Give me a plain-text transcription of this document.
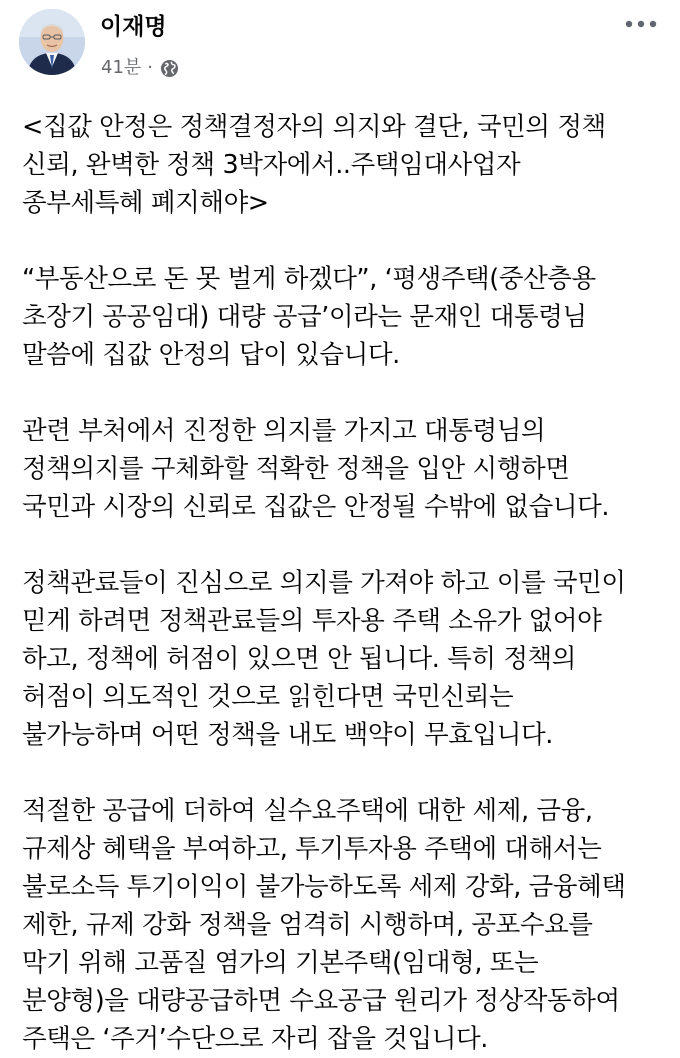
이재명
41분 ·

<집값 안정은 정책결정자의 의지와 결단, 국민의 정책
신뢰, 완벽한 정책 3박자에서..주택임대사업자
종부세특혜 폐지해야>

“부동산으로 돈 못 벌게 하겠다”, ‘평생주택(중산층용
초장기 공공임대) 대량 공급’이라는 문재인 대통령님
말씀에 집값 안정의 답이 있습니다.

관련 부처에서 진정한 의지를 가지고 대통령님의
정책의지를 구체화할 적확한 정책을 입안 시행하면
국민과 시장의 신뢰로 집값은 안정될 수밖에 없습니다.

정책관료들이 진심으로 의지를 가져야 하고 이를 국민이
믿게 하려면 정책관료들의 투자용 주택 소유가 없어야
하고, 정책에 허점이 있으면 안 됩니다. 특히 정책의
허점이 의도적인 것으로 읽힌다면 국민신뢰는
불가능하며 어떤 정책을 내도 백약이 무효입니다.

적절한 공급에 더하여 실수요주택에 대한 세제, 금융,
규제상 혜택을 부여하고, 투기투자용 주택에 대해서는
불로소득 투기이익이 불가능하도록 세제 강화, 금융혜택
제한, 규제 강화 정책을 엄격히 시행하며, 공포수요를
막기 위해 고품질 염가의 기본주택(임대형, 또는
분양형)을 대량공급하면 수요공급 원리가 정상작동하여
주택은 ‘주거’수단으로 자리 잡을 것입니다.
